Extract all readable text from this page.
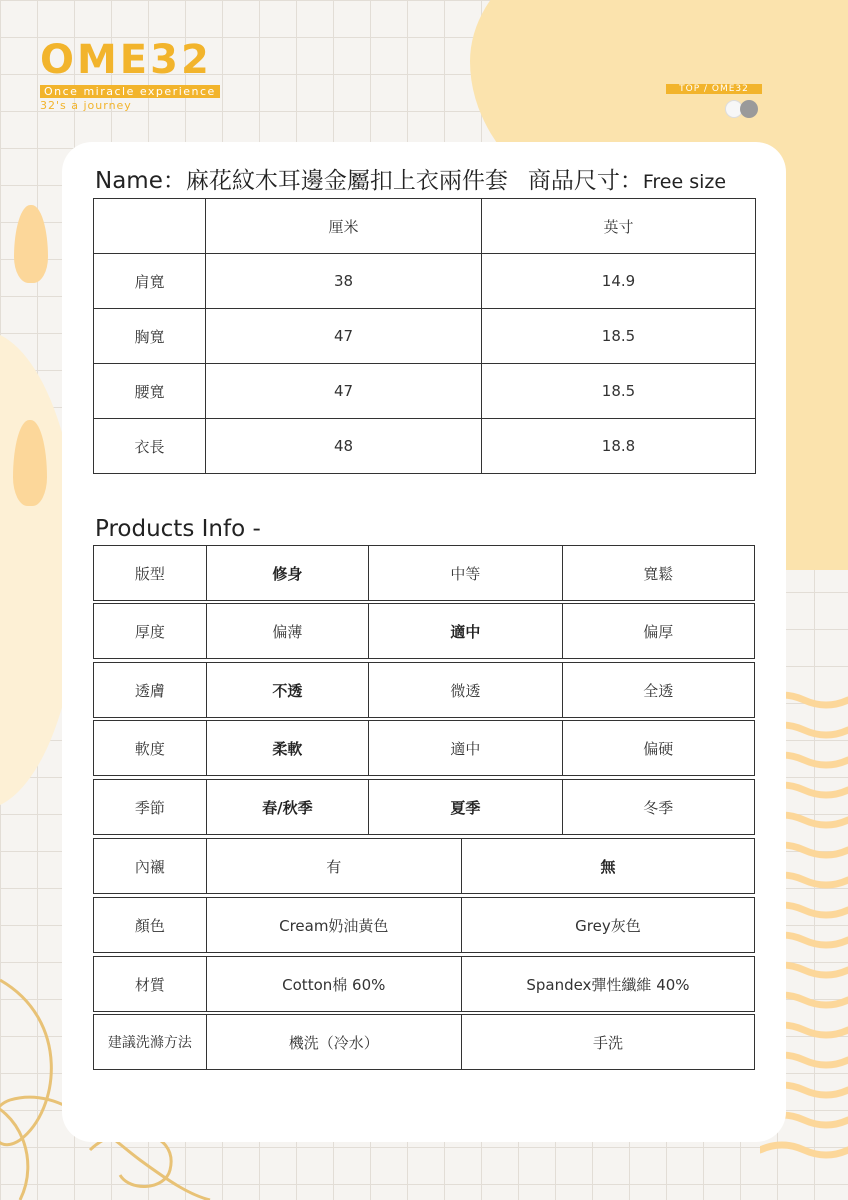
OME32
Once miracle experience
32's a journey
TOP / OME32
Name：麻花紋木耳邊金屬扣上衣兩件套 商品尺寸：Free size
	厘米	英寸
肩寬	38	14.9
胸寬	47	18.5
腰寬	47	18.5
衣長	48	18.8
Products Info -
版型	修身	中等	寬鬆
厚度	偏薄	適中	偏厚
透膚	不透	微透	全透
軟度	柔軟	適中	偏硬
季節	春/秋季	夏季	冬季
內襯	有	無
顏色	Cream奶油黃色	Grey灰色
材質	Cotton棉 60%	Spandex彈性纖維 40%
建議洗滌方法	機洗（冷水）	手洗
